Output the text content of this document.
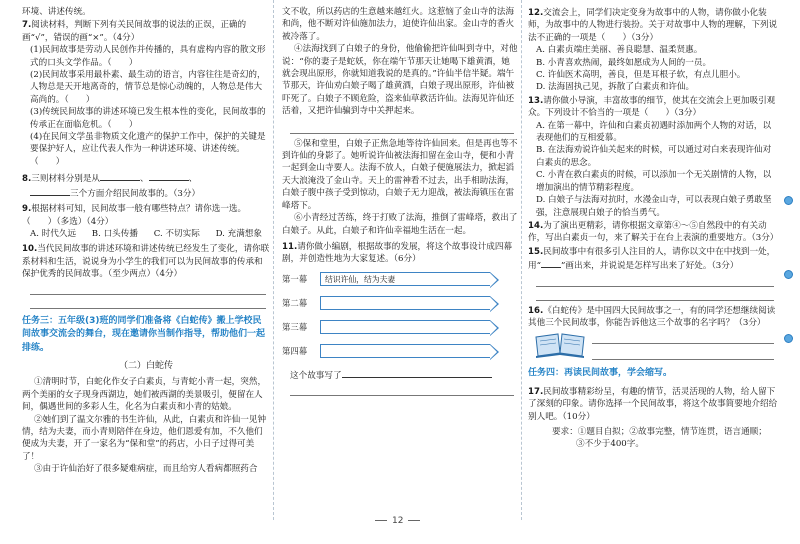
环境、讲述传统。

7.阅读材料，判断下列有关民间故事的说法的正误，正确的画“√”，错误的画“×”。（4分）

(1)民间故事是劳动人民创作并传播的，具有虚构内容的散文形式的口头文学作品。（　　）

(2)民间故事采用最朴素、最生动的语言，内容往往是奇幻的，人物总是天开地离奇的，情节总是惊心动魄的，人物总是伟大高尚的。（　　）

(3)传统民间故事的讲述环境已发生根本性的变化，民间故事的传承正在面临危机。（　　）

(4)在民间文学虽非物质文化遗产的保护工作中，保护的关键是要保护好人，应让代表人作为一种讲述环境、讲述传统。（　　）

8.三则材料分别是从	、	、
三个方面介绍民间故事的。（3分）

9.根据材料可知，民间故事一般有哪些特点？请你选一选。（　　）（多选）（4分）

A. 时代久远 B. 口头传播 C. 不切实际 D. 充满想象

10.当代民间故事的讲述环境和讲述传统已经发生了变化，请你联系材料和生活，说说身为小学生的我们可以为民间故事的传承和保护优秀的民间故事。（至少两点）（4分）

任务三：五年级(3)班的同学们准备将《白蛇传》搬上学校民间故事交流会的舞台，现在邀请你当制作指导，帮助他们一起排练。

（二）白蛇传

①清明时节，白蛇化作女子白素贞，与青蛇小青一起，突然，两个美丽的女子现身西湖边，她们被西湖的美景吸引，便留在人间，偶遇世间的多彩人生，化名为白素贞和小青的姑娘。

②她们到了温文尔雅的书生许仙，从此，白素贞和许仙一见钟情，结为夫妻，而小青则陪伴在身边，他们恩爱有加，不久他们便成为夫妻，开了一家名为“保和堂”的药店，小日子过得可美了！

③由于许仙治好了很多疑难病症，而且给穷人看病都照药合

文不收，所以药店的生意越来越红火。这惹恼了金山寺的法海和尚，他不断对许仙施加法力，迫使许仙出家。金山寺的香火被冷落了。

④法海找到了白娘子的身份，他偷偷把许仙叫到寺中，对他说：“你的妻子是蛇妖，你在端午节那天让她喝下雄黄酒，她就会现出原形，你就知道我说的是真的。”许仙半信半疑。端午节那天，许仙劝白娘子喝了雄黄酒，白娘子现出原形，许仙被吓死了。白娘子不顾危险，盗来仙草救活许仙。法海见许仙还活着，又把许仙骗到寺中关押起来。

⑤保和堂里，白娘子正焦急地等待许仙回来。但是再也等不到许仙的身影了。她听说许仙被法海扣留在金山寺，便和小青一起到金山寺要人。法海不放人，白娘子便施展法力，掀起滔天大浪淹没了金山寺。天上的雷神看不过去，出手相助法海，白娘子腹中孩子受到惊动，白娘子无力迎战，被法海镇压在雷峰塔下。

⑥小青经过苦练，终于打败了法海，推倒了雷峰塔，救出了白娘子。从此，白娘子和许仙幸福地生活在一起。

11.请你做小编剧，根据故事的发展，将这个故事设计成四幕剧，并创造性地为大家复述。（6分）

第一幕	结识许仙，结为夫妻
第二幕
第三幕
第四幕

这个故事写了

12.交流会上，同学们决定变身为故事中的人物，请你做小化装师，为故事中的人物进行装扮。关于对故事中人物的理解，下列说法不正确的一项是（　　）（3分）

A. 白素贞端庄美丽、善良聪慧、温柔贤惠。

B. 小青喜欢热闹，最终如愿成为人间的一员。

C. 许仙医术高明，善良，但是耳根子软，有点儿胆小。

D. 法海固执己见，拆散了白素贞和许仙。

13.请你做小导演，丰富故事的细节，使其在交流会上更加吸引观众。下列设计不恰当的一项是（　　）（3分）

A. 在第一幕中，许仙和白素贞初遇时添加两个人物的对话，以表现他们的互相爱慕。

B. 在法海劝说许仙关起来的时候，可以通过对白来表现许仙对白素贞的思念。

C. 小青在救白素贞的时候，可以添加一个无关剧情的人物，以增加演出的情节精彩程度。

D. 白娘子与法海对抗时，水漫金山寺，可以表现白娘子勇敢坚强，注意展现白娘子的恰当勇气。

14.为了演出更精彩，请你根据文章第④～⑤自然段中的有关动作，写出白素贞一句，来了解关于在台上表演的重要地方。（3分）

15.民间故事中有很多引人注目的人，请你以文中在中找到一处，用“ ”画出来，并说说是怎样写出来了好处。（3分）

16.《白蛇传》是中国四大民间故事之一，有的同学还想继续阅读其他三个民间故事，你能告诉他这三个故事的名字吗？（3分）

任务四：再读民间故事，学会缩写。

17.民间故事精彩纷呈，有趣的情节，活灵活现的人物，给人留下了深刻的印象。请你选择一个民间故事，将这个故事简要地介绍给别人吧。（10分）

要求：①题目自拟；②故事完整，情节连贯，语言通顺；

③不少于400字。

12
